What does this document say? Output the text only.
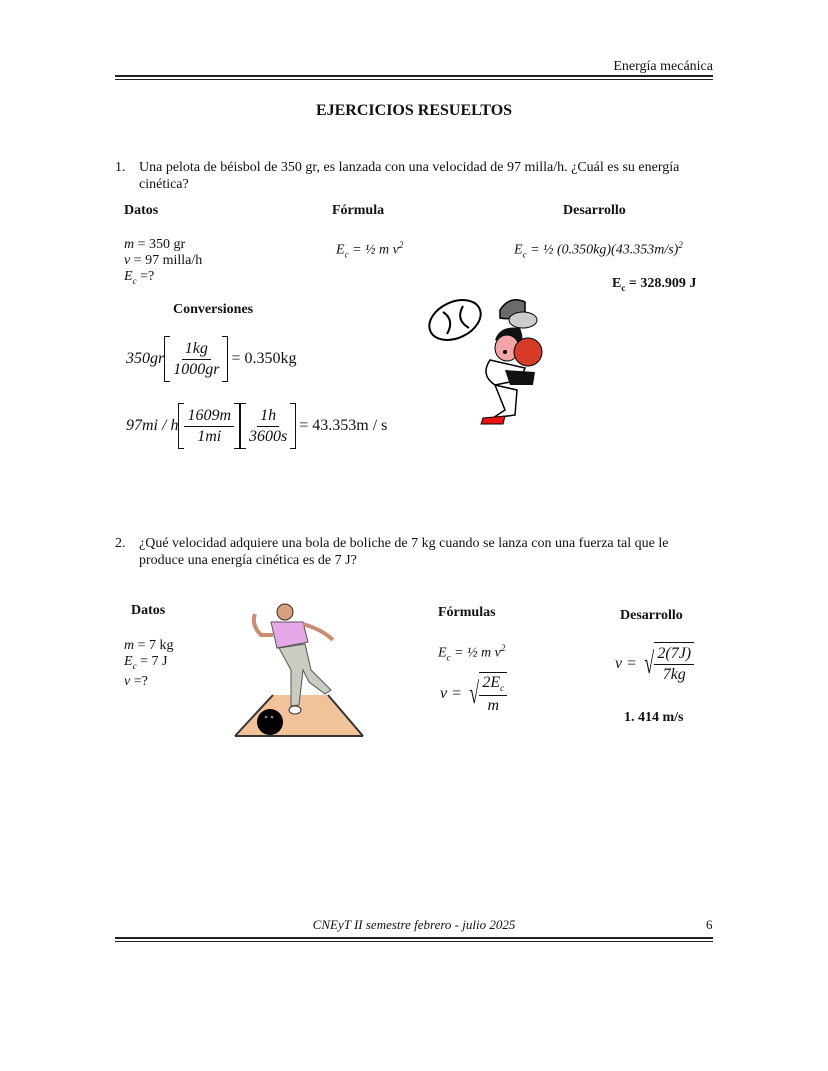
Energía mecánica
EJERCICIOS RESUELTOS
1. Una pelota de béisbol de 350 gr, es lanzada con una velocidad de 97 milla/h. ¿Cuál es su energía cinética?
Datos	Fórmula	Desarrollo
m = 350 gr
v = 97 milla/h
$E_c$ =?
$E_c$ = ½ m $v^2$	$E_c$ = ½ $(0.350kg)(43.353m/s)^2$
$E_c = 328.909$ J
Conversiones
$350gr \frac{1kg}{1000gr} = 0.350kg$
97mi / h $\frac{1609m}{1mi} \frac{1h}{3600s} = 43.353m / s$
2. ¿Qué velocidad adquiere una bola de boliche de 7 kg cuando se lanza con una fuerza tal que le produce una energía cinética es de 7 J?
Datos	Fórmulas	Desarrollo
m = 7 kg
$E_c = 7$ J
v =?
$E_c$ = ½ m $v^2$
v = √ $\frac{2E_c}{m}$
v = √ $\frac{2(7J)}{7kg}$
1. 414 m/s
CNEyT II semestre febrero - julio 2025	6
